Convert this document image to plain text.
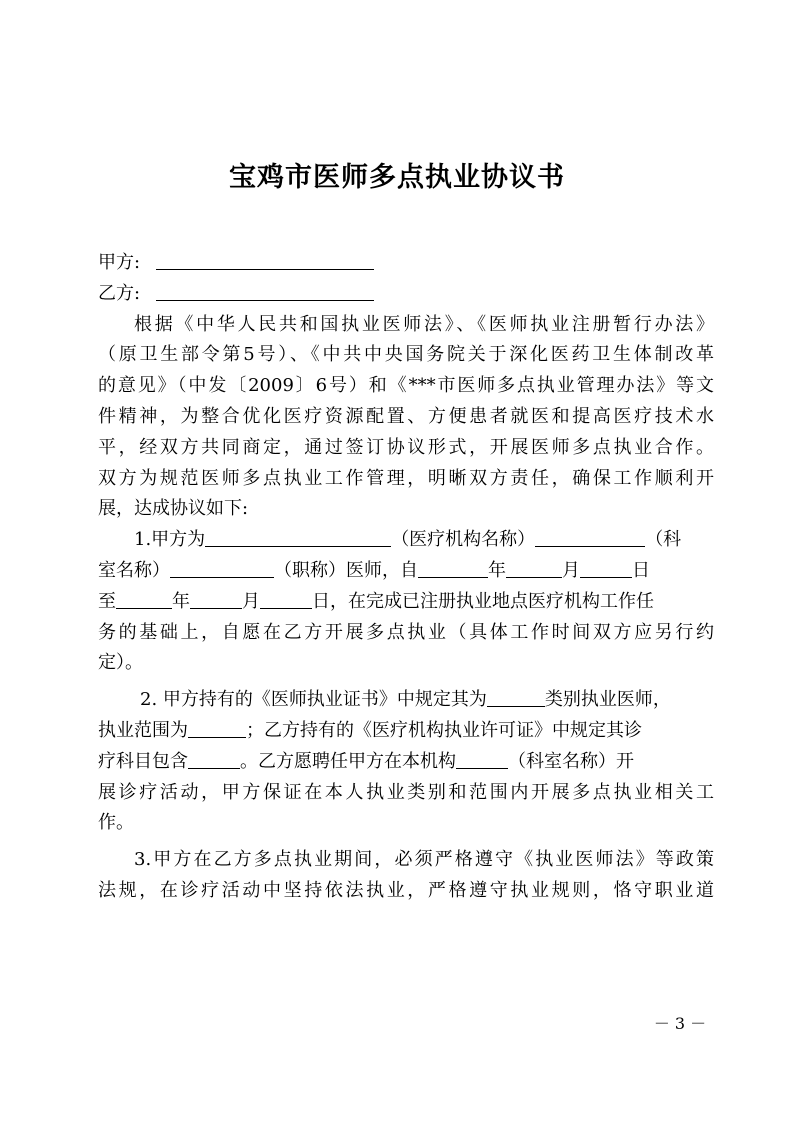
宝鸡市医师多点执业协议书
甲方:
乙方:
根据《中华人民共和国执业医师法》、《医师执业注册暂行办法》
（原卫生部令第5号）、《中共中央国务院关于深化医药卫生体制改革
的意见》（中发〔2009〕6号）和《***市医师多点执业管理办法》等文
件精神，为整合优化医疗资源配置、方便患者就医和提高医疗技术水
平，经双方共同商定，通过签订协议形式，开展医师多点执业合作。
双方为规范医师多点执业工作管理，明晰双方责任，确保工作顺利开
展，达成协议如下:
1.甲方为	（医疗机构名称）	（科
室名称）	（职称）医师，自	年	月	日
至	年	月	日，在完成已注册执业地点医疗机构工作任
务的基础上，自愿在乙方开展多点执业（具体工作时间双方应另行约
定）。
2. 甲方持有的《医师执业证书》中规定其为	类别执业医师，
执业范围为	；乙方持有的《医疗机构执业许可证》中规定其诊
疗科目包含	。乙方愿聘任甲方在本机构	（科室名称）开
展诊疗活动，甲方保证在本人执业类别和范围内开展多点执业相关工
作。
3.甲方在乙方多点执业期间，必须严格遵守《执业医师法》等政策
法规，在诊疗活动中坚持依法执业，严格遵守执业规则，恪守职业道
－ 3 －
